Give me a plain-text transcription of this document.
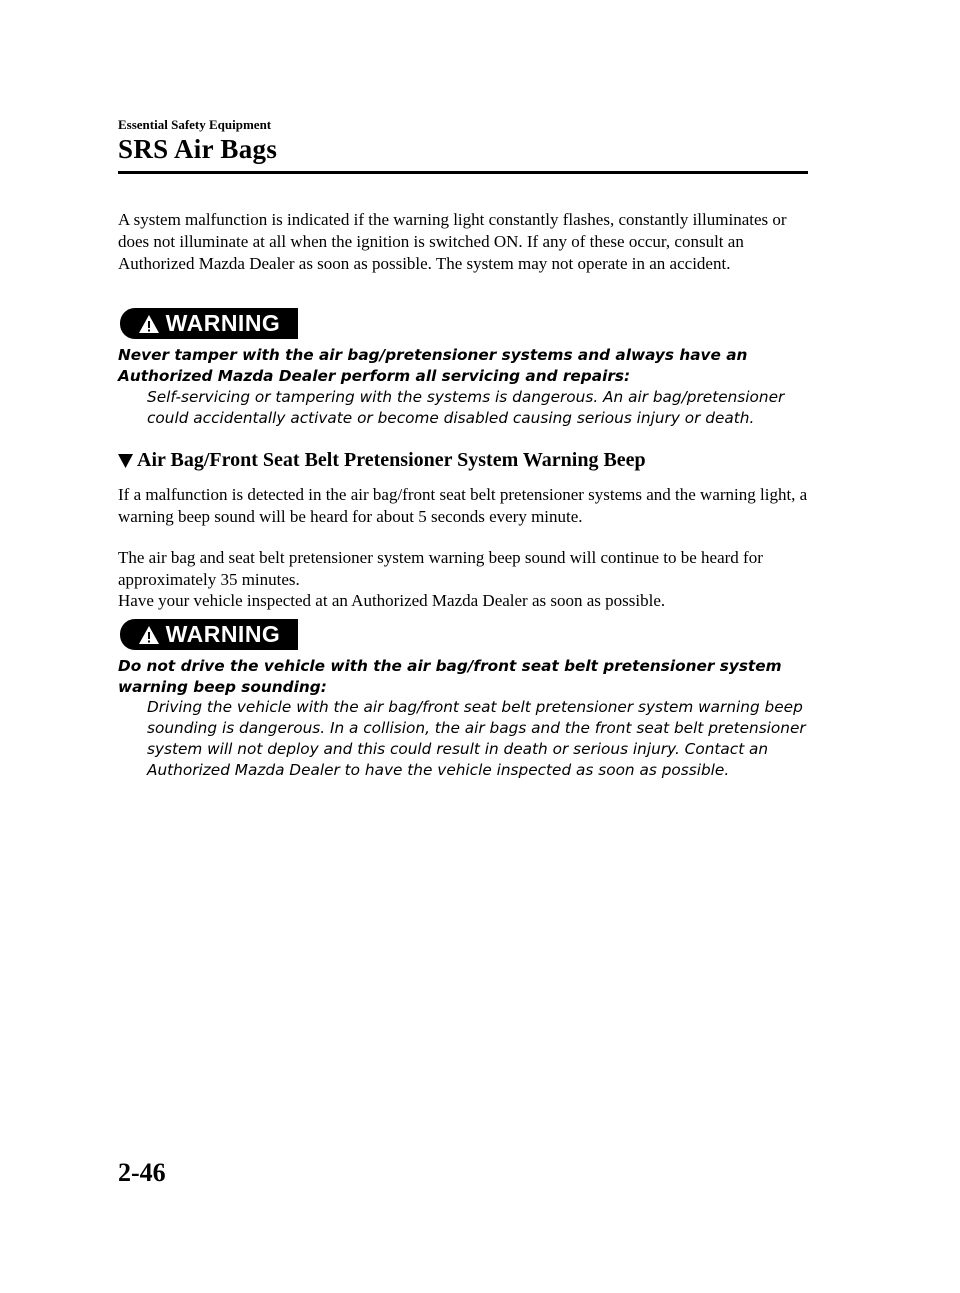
Essential Safety Equipment
SRS Air Bags
A system malfunction is indicated if the warning light constantly flashes, constantly illuminates or does not illuminate at all when the ignition is switched ON. If any of these occur, consult an Authorized Mazda Dealer as soon as possible. The system may not operate in an accident.
WARNING
Never tamper with the air bag/pretensioner systems and always have an Authorized Mazda Dealer perform all servicing and repairs:
Self-servicing or tampering with the systems is dangerous. An air bag/pretensioner could accidentally activate or become disabled causing serious injury or death.
Air Bag/Front Seat Belt Pretensioner System Warning Beep
If a malfunction is detected in the air bag/front seat belt pretensioner systems and the warning light, a warning beep sound will be heard for about 5 seconds every minute.
The air bag and seat belt pretensioner system warning beep sound will continue to be heard for approximately 35 minutes.
Have your vehicle inspected at an Authorized Mazda Dealer as soon as possible.
WARNING
Do not drive the vehicle with the air bag/front seat belt pretensioner system warning beep sounding:
Driving the vehicle with the air bag/front seat belt pretensioner system warning beep sounding is dangerous. In a collision, the air bags and the front seat belt pretensioner system will not deploy and this could result in death or serious injury. Contact an Authorized Mazda Dealer to have the vehicle inspected as soon as possible.
2-46
